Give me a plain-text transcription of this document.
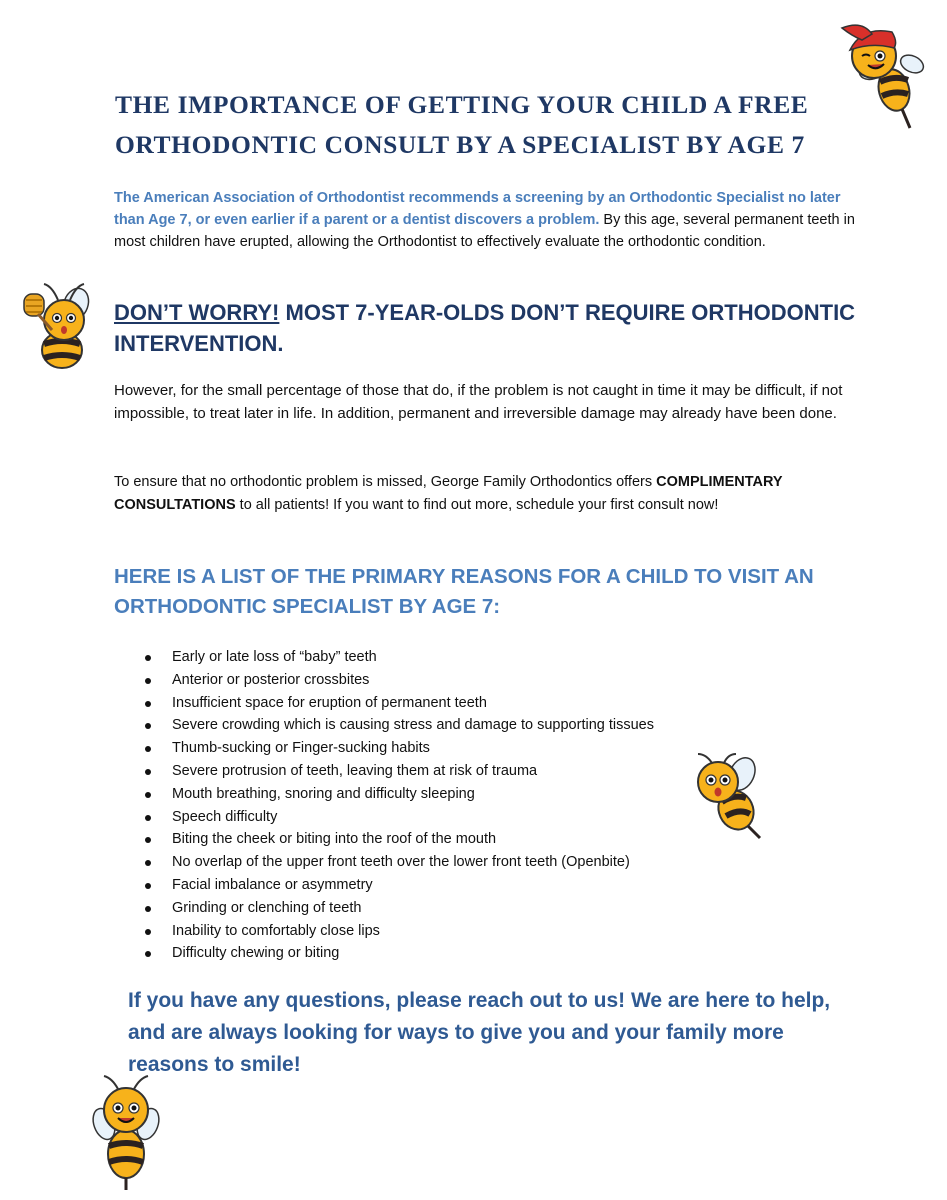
THE IMPORTANCE OF GETTING YOUR CHILD A FREE
ORTHODONTIC CONSULT BY A SPECIALIST BY AGE 7

The American Association of Orthodontist recommends a screening by an Orthodontic Specialist no later than Age 7, or even earlier if a parent or a dentist discovers a problem. By this age, several permanent teeth in most children have erupted, allowing the Orthodontist to effectively evaluate the orthodontic condition.

DON’T WORRY! MOST 7-YEAR-OLDS DON’T REQUIRE ORTHODONTIC INTERVENTION.

However, for the small percentage of those that do, if the problem is not caught in time it may be difficult, if not impossible, to treat later in life. In addition, permanent and irreversible damage may already have been done.

To ensure that no orthodontic problem is missed, George Family Orthodontics offers COMPLIMENTARY CONSULTATIONS to all patients! If you want to find out more, schedule your first consult now!

HERE IS A LIST OF THE PRIMARY REASONS FOR A CHILD TO VISIT AN ORTHODONTIC SPECIALIST BY AGE 7:
Early or late loss of “baby” teeth
Anterior or posterior crossbites
Insufficient space for eruption of permanent teeth
Severe crowding which is causing stress and damage to supporting tissues
Thumb-sucking or Finger-sucking habits
Severe protrusion of teeth, leaving them at risk of trauma
Mouth breathing, snoring and difficulty sleeping
Speech difficulty
Biting the cheek or biting into the roof of the mouth
No overlap of the upper front teeth over the lower front teeth (Openbite)
Facial imbalance or asymmetry
Grinding or clenching of teeth
Inability to comfortably close lips
Difficulty chewing or biting

If you have any questions, please reach out to us! We are here to help, and are always looking for ways to give you and your family more reasons to smile!
